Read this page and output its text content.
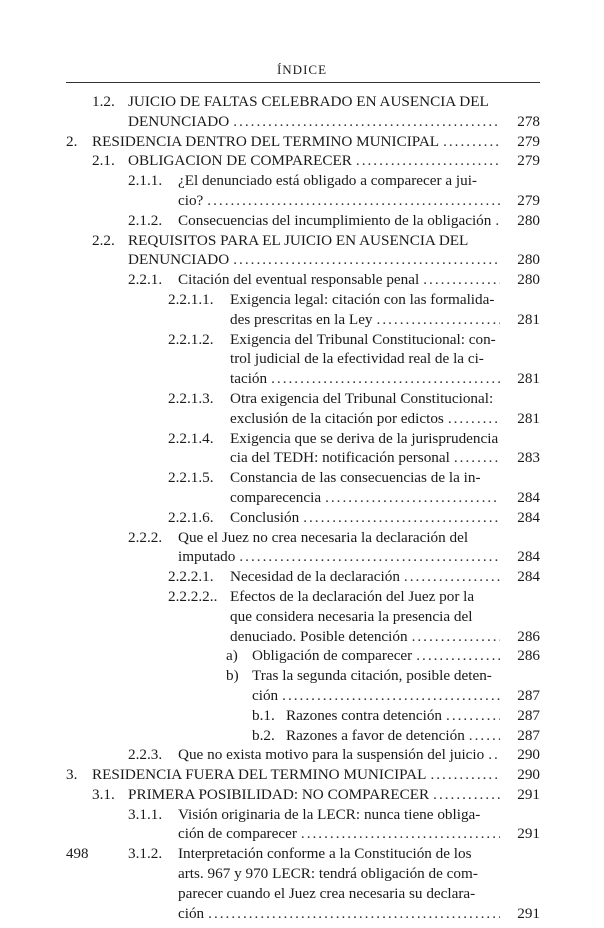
ÍNDICE
1.2. JUICIO DE FALTAS CELEBRADO EN AUSENCIA DEL
DENUNCIADO .....	278
2. RESIDENCIA DENTRO DEL TERMINO MUNICIPAL .....	279
2.1. OBLIGACION DE COMPARECER .....	279
2.1.1.	¿El denunciado está obligado a comparecer a jui-
cio? .....	279
2.1.2.	Consecuencias del incumplimiento de la obligación .....	280
2.2. REQUISITOS PARA EL JUICIO EN AUSENCIA DEL
DENUNCIADO .....	280
2.2.1.	Citación del eventual responsable penal .....	280
2.2.1.1.	Exigencia legal: citación con las formalida-
des prescritas en la Ley .....	281
2.2.1.2.	Exigencia del Tribunal Constitucional: con-
trol judicial de la efectividad real de la ci-
tación .....	281
2.2.1.3.	Otra exigencia del Tribunal Constitucional:
exclusión de la citación por edictos .....	281
2.2.1.4.	Exigencia que se deriva de la jurisprudencia
cia del TEDH: notificación personal .....	283
2.2.1.5.	Constancia de las consecuencias de la in-
comparecencia .....	284
2.2.1.6.	Conclusión .....	284
2.2.2.	Que el Juez no crea necesaria la declaración del
imputado .....	284
2.2.2.1.	Necesidad de la declaración .....	284
2.2.2.2.. Efectos de la declaración del Juez por la
que considera necesaria la presencia del
denuciado. Posible detención .....	286
a) Obligación de comparecer .....	286
b) Tras la segunda citación, posible deten-
ción .....	287
b.1. Razones contra detención .....	287
b.2. Razones a favor de detención .....	287
2.2.3.	Que no exista motivo para la suspensión del juicio .....	290
3. RESIDENCIA FUERA DEL TERMINO MUNICIPAL .....	290
3.1. PRIMERA POSIBILIDAD: NO COMPARECER .....	291
3.1.1.	Visión originaria de la LECR: nunca tiene obliga-
ción de comparecer .....	291
3.1.2.	Interpretación conforme a la Constitución de los
arts. 967 y 970 LECR: tendrá obligación de com-
parecer cuando el Juez crea necesaria su declara-
ción .....	291
498
